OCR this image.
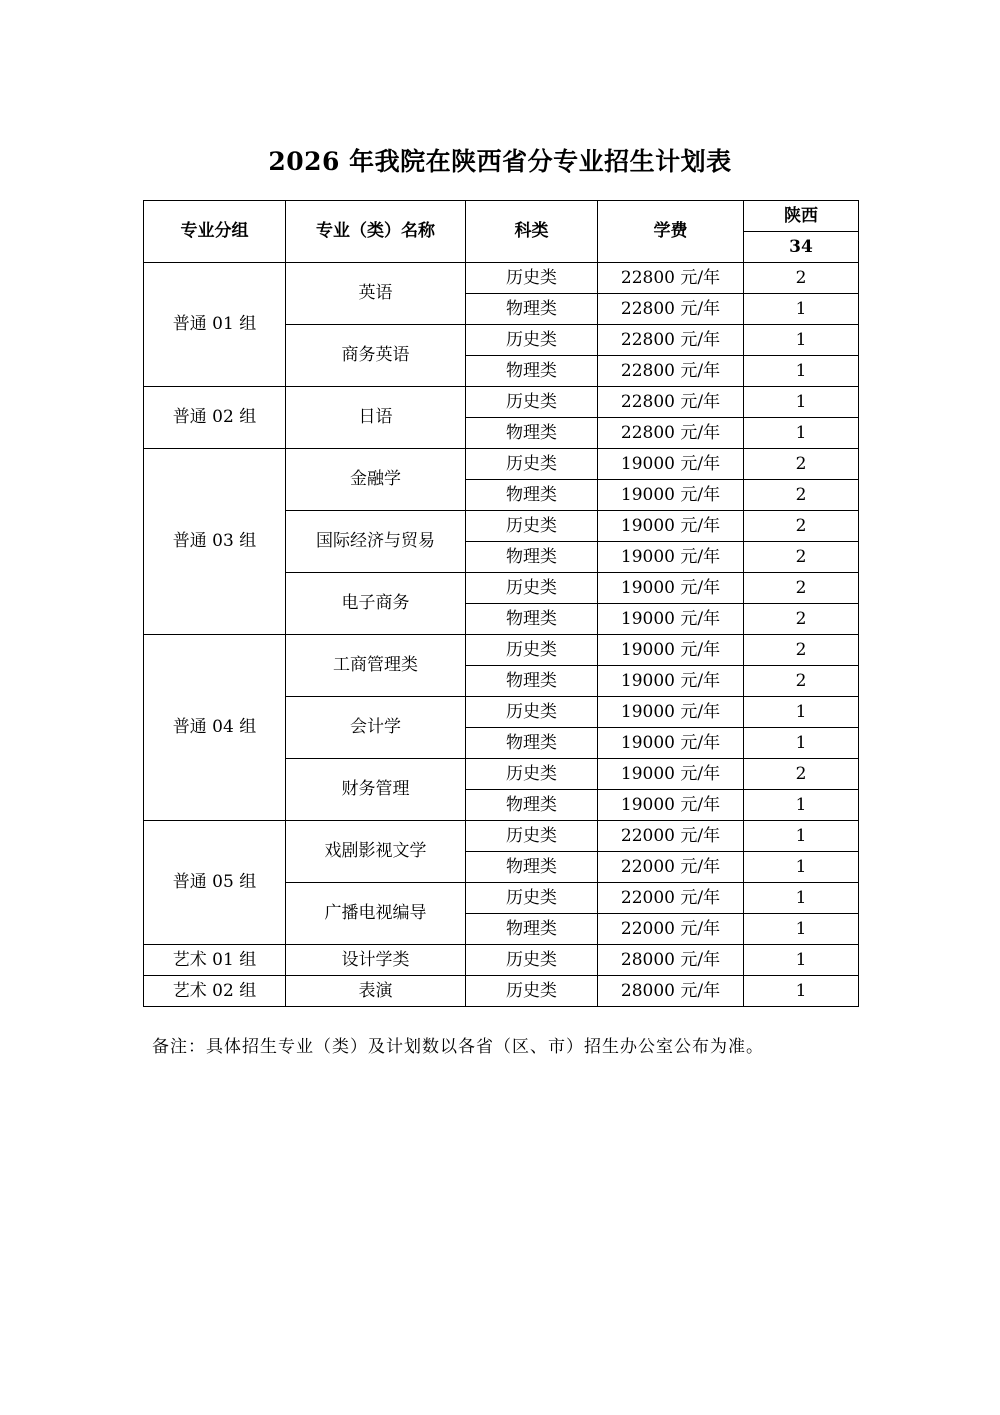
2026 年我院在陕西省分专业招生计划表
专业分组	专业（类）名称	科类	学费	陕西
				34
普通 01 组	英语	历史类	22800 元/年	2
		物理类	22800 元/年	1
	商务英语	历史类	22800 元/年	1
		物理类	22800 元/年	1
普通 02 组	日语	历史类	22800 元/年	1
		物理类	22800 元/年	1
普通 03 组	金融学	历史类	19000 元/年	2
		物理类	19000 元/年	2
	国际经济与贸易	历史类	19000 元/年	2
		物理类	19000 元/年	2
	电子商务	历史类	19000 元/年	2
		物理类	19000 元/年	2
普通 04 组	工商管理类	历史类	19000 元/年	2
		物理类	19000 元/年	2
	会计学	历史类	19000 元/年	1
		物理类	19000 元/年	1
	财务管理	历史类	19000 元/年	2
		物理类	19000 元/年	1
普通 05 组	戏剧影视文学	历史类	22000 元/年	1
		物理类	22000 元/年	1
	广播电视编导	历史类	22000 元/年	1
		物理类	22000 元/年	1
艺术 01 组	设计学类	历史类	28000 元/年	1
艺术 02 组	表演	历史类	28000 元/年	1
备注：具体招生专业（类）及计划数以各省（区、市）招生办公室公布为准。
